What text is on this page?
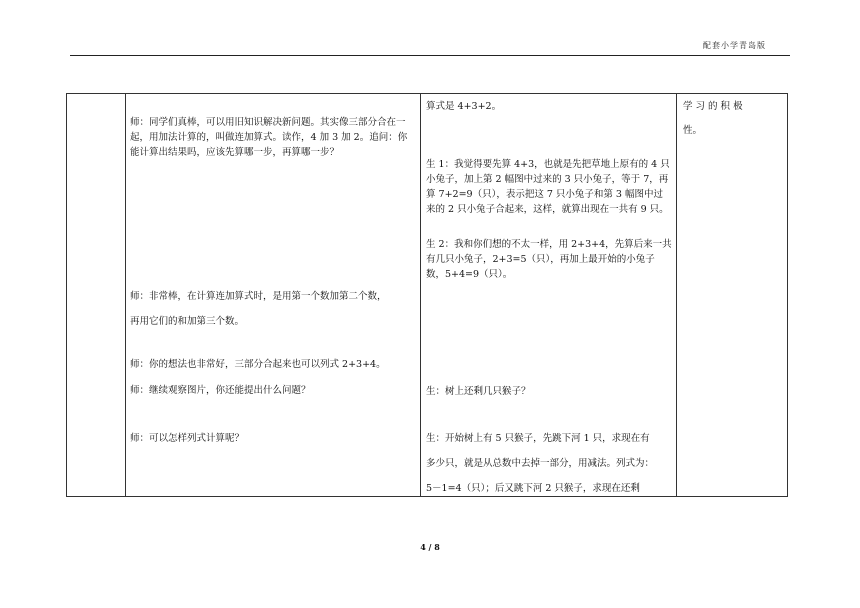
配套小学青岛版
师：同学们真棒，可以用旧知识解决新问题。其实像三部分合在一起，用加法计算的，叫做连加算式。读作，4 加 3 加 2。追问：你能计算出结果吗，应该先算哪一步，再算哪一步？
师：非常棒，在计算连加算式时，是用第一个数加第二个数，
再用它们的和加第三个数。
师：你的想法也非常好，三部分合起来也可以列式 2+3+4。
师：继续观察图片，你还能提出什么问题？
师：可以怎样列式计算呢？
算式是 4+3+2。
生 1：我觉得要先算 4+3，也就是先把草地上原有的 4 只小兔子，加上第 2 幅图中过来的 3 只小兔子，等于 7，再算 7+2=9（只），表示把这 7 只小兔子和第 3 幅图中过来的 2 只小兔子合起来，这样，就算出现在一共有 9 只。
生 2：我和你们想的不太一样，用 2+3+4，先算后来一共有几只小兔子，2+3=5（只），再加上最开始的小兔子数，5+4=9（只）。
生：树上还剩几只猴子？
生：开始树上有 5 只猴子，先跳下河 1 只，求现在有
多少只，就是从总数中去掉一部分，用减法。列式为：
5－1=4（只）；后又跳下河 2 只猴子，求现在还剩
学 习 的 积 极
性。
4 / 8
